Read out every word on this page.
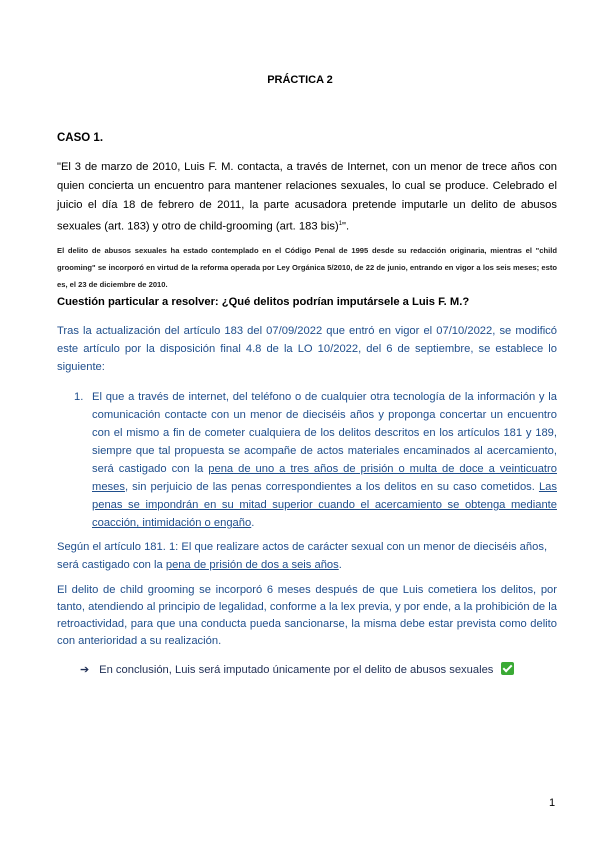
PRÁCTICA 2
CASO 1.
"El 3 de marzo de 2010, Luis F. M. contacta, a través de Internet, con un menor de trece años con quien concierta un encuentro para mantener relaciones sexuales, lo cual se produce. Celebrado el juicio el día 18 de febrero de 2011, la parte acusadora pretende imputarle un delito de abusos sexuales (art. 183) y otro de child-grooming (art. 183 bis)$^1$".
El delito de abusos sexuales ha estado contemplado en el Código Penal de 1995 desde su redacción originaria, mientras el "child grooming" se incorporó en virtud de la reforma operada por Ley Orgánica 5/2010, de 22 de junio, entrando en vigor a los seis meses; esto es, el 23 de diciembre de 2010.
Cuestión particular a resolver: ¿Qué delitos podrían imputársele a Luis F. M.?
Tras la actualización del artículo 183 del 07/09/2022 que entró en vigor el 07/10/2022, se modificó este artículo por la disposición final 4.8 de la LO 10/2022, del 6 de septiembre, se establece lo siguiente:
1. El que a través de internet, del teléfono o de cualquier otra tecnología de la información y la comunicación contacte con un menor de dieciséis años y proponga concertar un encuentro con el mismo a fin de cometer cualquiera de los delitos descritos en los artículos 181 y 189, siempre que tal propuesta se acompañe de actos materiales encaminados al acercamiento, será castigado con la pena de uno a tres años de prisión o multa de doce a veinticuatro meses, sin perjuicio de las penas correspondientes a los delitos en su caso cometidos. Las penas se impondrán en su mitad superior cuando el acercamiento se obtenga mediante coacción, intimidación o engaño.
Según el artículo 181. 1: El que realizare actos de carácter sexual con un menor de dieciséis años, será castigado con la pena de prisión de dos a seis años.
El delito de child grooming se incorporó 6 meses después de que Luis cometiera los delitos, por tanto, atendiendo al principio de legalidad, conforme a la lex previa, y por ende, a la prohibición de la retroactividad, para que una conducta pueda sancionarse, la misma debe estar prevista como delito con anterioridad a su realización.
➔ En conclusión, Luis será imputado únicamente por el delito de abusos sexuales
1
